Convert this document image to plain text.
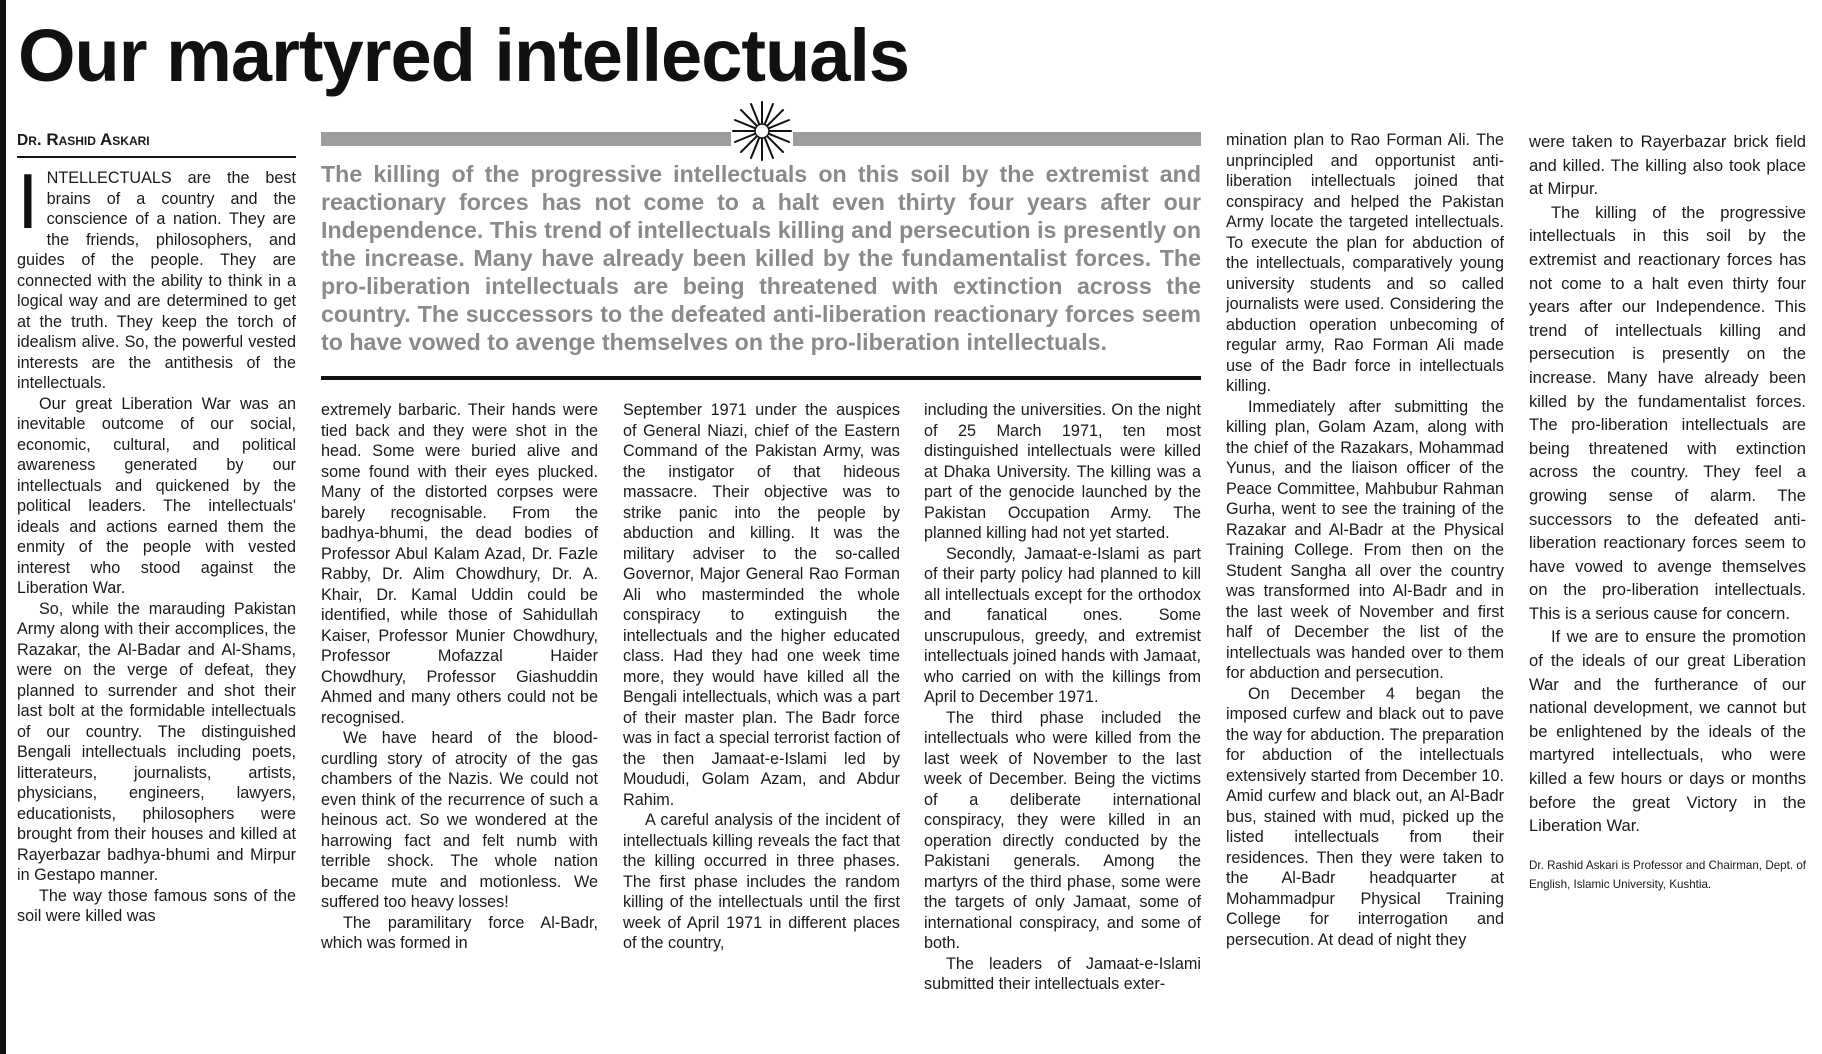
Our martyred intellectuals
Dr. Rashid Askari

INTELLECTUALS are the best brains of a country and the conscience of a nation. They are the friends, philosophers, and guides of the people. They are connected with the ability to think in a logical way and are determined to get at the truth. They keep the torch of idealism alive. So, the powerful vested interests are the antithesis of the intellectuals.

Our great Liberation War was an inevitable outcome of our social, economic, cultural, and political awareness generated by our intellectuals and quickened by the political leaders. The intellectuals' ideals and actions earned them the enmity of the people with vested interest who stood against the Liberation War.

So, while the marauding Pakistan Army along with their accomplices, the Razakar, the Al-Badar and Al-Shams, were on the verge of defeat, they planned to surrender and shot their last bolt at the formidable intellectuals of our country. The distinguished Bengali intellectuals including poets, litterateurs, journalists, artists, physicians, engineers, lawyers, educationists, philosophers were brought from their houses and killed at Rayerbazar badhya-bhumi and Mirpur in Gestapo manner.

The way those famous sons of the soil were killed was

The killing of the progressive intellectuals on this soil by the extremist and reactionary forces has not come to a halt even thirty four years after our Independence. This trend of intellectuals killing and persecution is presently on the increase. Many have already been killed by the fundamentalist forces. The pro-liberation intellectuals are being threatened with extinction across the country. The successors to the defeated anti-liberation reactionary forces seem to have vowed to avenge themselves on the pro-liberation intellectuals.

extremely barbaric. Their hands were tied back and they were shot in the head. Some were buried alive and some found with their eyes plucked. Many of the distorted corpses were barely recognisable. From the badhya-bhumi, the dead bodies of Professor Abul Kalam Azad, Dr. Fazle Rabby, Dr. Alim Chowdhury, Dr. A. Khair, Dr. Kamal Uddin could be identified, while those of Sahidullah Kaiser, Professor Munier Chowdhury, Professor Mofazzal Haider Chowdhury, Professor Giashuddin Ahmed and many others could not be recognised.

We have heard of the blood-curdling story of atrocity of the gas chambers of the Nazis. We could not even think of the recurrence of such a heinous act. So we wondered at the harrowing fact and felt numb with terrible shock. The whole nation became mute and motionless. We suffered too heavy losses!

The paramilitary force Al-Badr, which was formed in

September 1971 under the auspices of General Niazi, chief of the Eastern Command of the Pakistan Army, was the instigator of that hideous massacre. Their objective was to strike panic into the people by abduction and killing. It was the military adviser to the so-called Governor, Major General Rao Forman Ali who masterminded the whole conspiracy to extinguish the intellectuals and the higher educated class. Had they had one week time more, they would have killed all the Bengali intellectuals, which was a part of their master plan. The Badr force was in fact a special terrorist faction of the then Jamaat-e-Islami led by Moududi, Golam Azam, and Abdur Rahim.

A careful analysis of the incident of intellectuals killing reveals the fact that the killing occurred in three phases. The first phase includes the random killing of the intellectuals until the first week of April 1971 in different places of the country,

including the universities. On the night of 25 March 1971, ten most distinguished intellectuals were killed at Dhaka University. The killing was a part of the genocide launched by the Pakistan Occupation Army. The planned killing had not yet started.

Secondly, Jamaat-e-Islami as part of their party policy had planned to kill all intellectuals except for the orthodox and fanatical ones. Some unscrupulous, greedy, and extremist intellectuals joined hands with Jamaat, who carried on with the killings from April to December 1971.

The third phase included the intellectuals who were killed from the last week of November to the last week of December. Being the victims of a deliberate international conspiracy, they were killed in an operation directly conducted by the Pakistani generals. Among the martyrs of the third phase, some were the targets of only Jamaat, some of international conspiracy, and some of both.

The leaders of Jamaat-e-Islami submitted their intellectuals exter-

mination plan to Rao Forman Ali. The unprincipled and opportunist anti-liberation intellectuals joined that conspiracy and helped the Pakistan Army locate the targeted intellectuals. To execute the plan for abduction of the intellectuals, comparatively young university students and so called journalists were used. Considering the abduction operation unbecoming of regular army, Rao Forman Ali made use of the Badr force in intellectuals killing.

Immediately after submitting the killing plan, Golam Azam, along with the chief of the Razakars, Mohammad Yunus, and the liaison officer of the Peace Committee, Mahbubur Rahman Gurha, went to see the training of the Razakar and Al-Badr at the Physical Training College. From then on the Student Sangha all over the country was transformed into Al-Badr and in the last week of November and first half of December the list of the intellectuals was handed over to them for abduction and persecution.

On December 4 began the imposed curfew and black out to pave the way for abduction. The preparation for abduction of the intellectuals extensively started from December 10. Amid curfew and black out, an Al-Badr bus, stained with mud, picked up the listed intellectuals from their residences. Then they were taken to the Al-Badr headquarter at Mohammadpur Physical Training College for interrogation and persecution. At dead of night they

were taken to Rayerbazar brick field and killed. The killing also took place at Mirpur.

The killing of the progressive intellectuals in this soil by the extremist and reactionary forces has not come to a halt even thirty four years after our Independence. This trend of intellectuals killing and persecution is presently on the increase. Many have already been killed by the fundamentalist forces. The pro-liberation intellectuals are being threatened with extinction across the country. They feel a growing sense of alarm. The successors to the defeated anti-liberation reactionary forces seem to have vowed to avenge themselves on the pro-liberation intellectuals. This is a serious cause for concern.

If we are to ensure the promotion of the ideals of our great Liberation War and the furtherance of our national development, we cannot but be enlightened by the ideals of the martyred intellectuals, who were killed a few hours or days or months before the great Victory in the Liberation War.

Dr. Rashid Askari is Professor and Chairman, Dept. of English, Islamic University, Kushtia.
